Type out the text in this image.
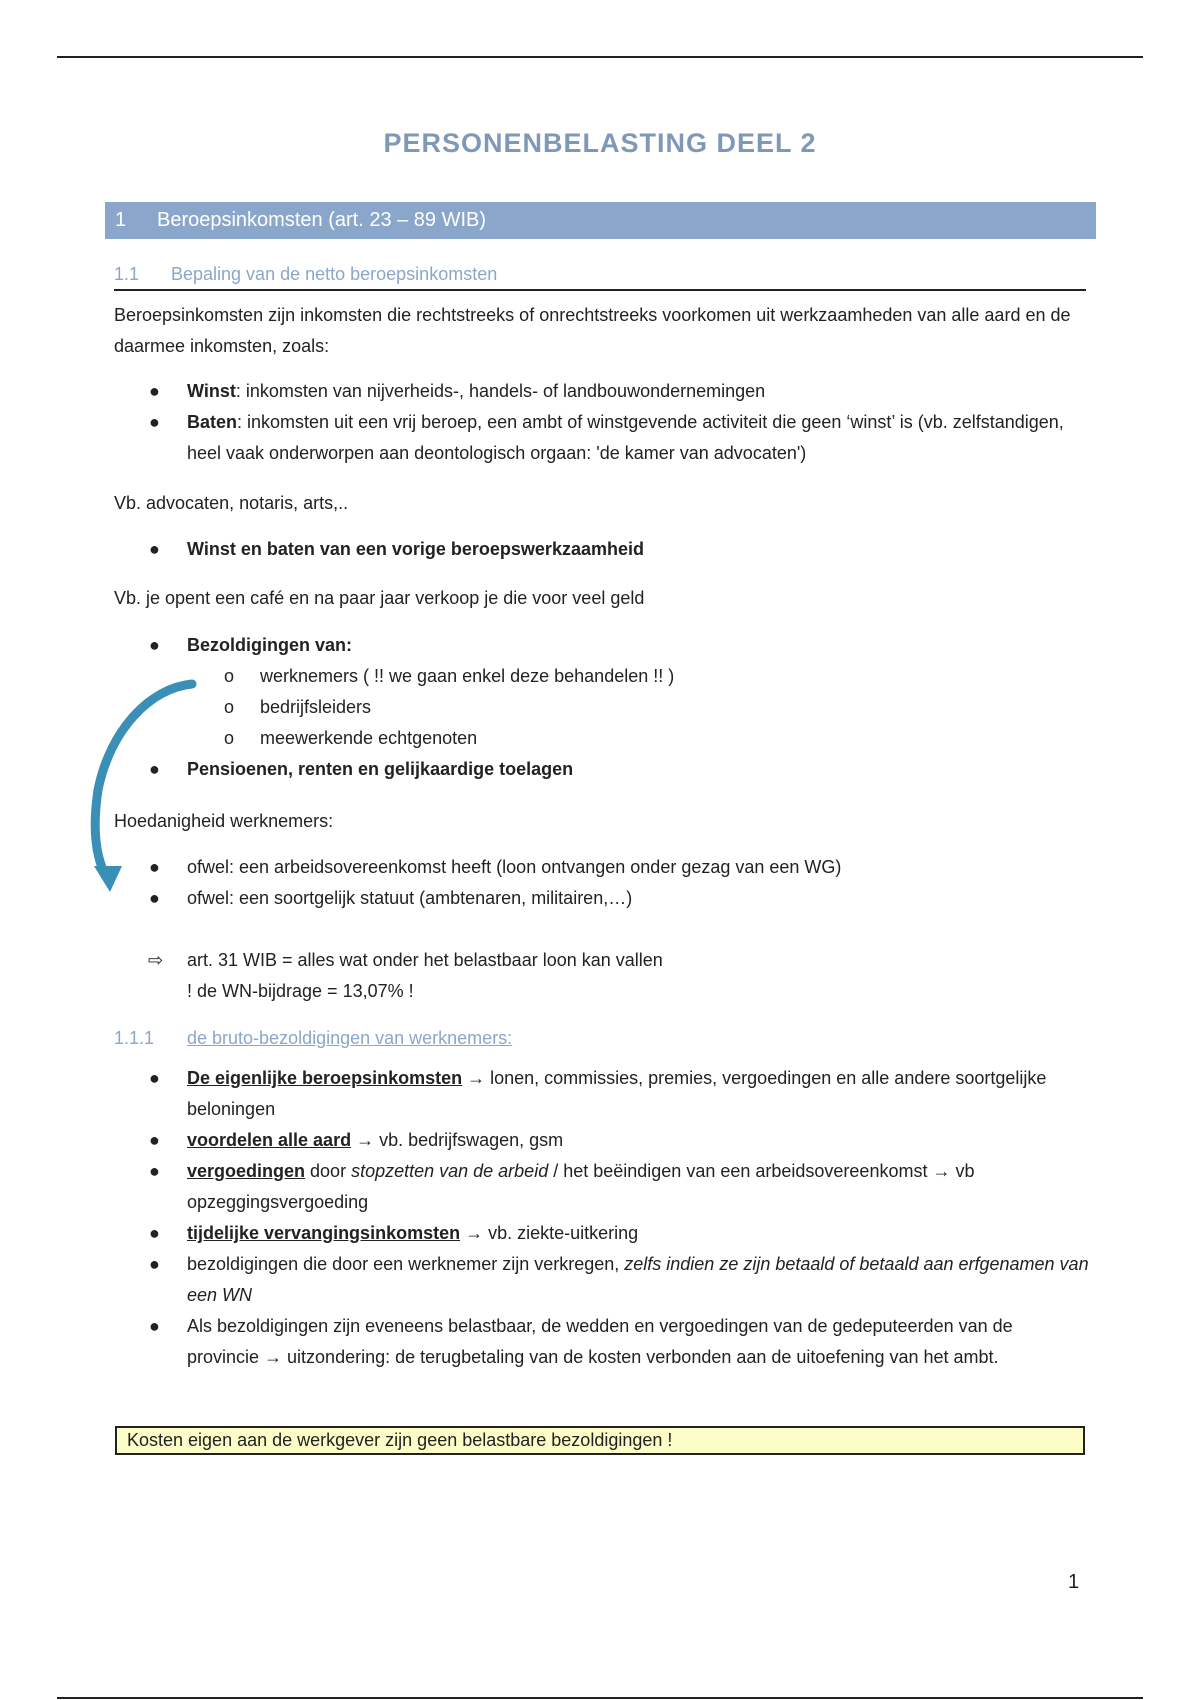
PERSONENBELASTING DEEL 2
1 Beroepsinkomsten (art. 23 – 89 WIB)
1.1 Bepaling van de netto beroepsinkomsten
Beroepsinkomsten zijn inkomsten die rechtstreeks of onrechtstreeks voorkomen uit werkzaamheden van alle aard en de daarmee inkomsten, zoals:
● Winst: inkomsten van nijverheids-, handels- of landbouwondernemingen
● Baten: inkomsten uit een vrij beroep, een ambt of winstgevende activiteit die geen ‘winst’ is (vb. zelfstandigen, heel vaak onderworpen aan deontologisch orgaan: 'de kamer van advocaten')
Vb. advocaten, notaris, arts,..
● Winst en baten van een vorige beroepswerkzaamheid
Vb. je opent een café en na paar jaar verkoop je die voor veel geld
● Bezoldigingen van:
o werknemers ( !! we gaan enkel deze behandelen !! )
o bedrijfsleiders
o meewerkende echtgenoten
● Pensioenen, renten en gelijkaardige toelagen
Hoedanigheid werknemers:
● ofwel: een arbeidsovereenkomst heeft (loon ontvangen onder gezag van een WG)
● ofwel: een soortgelijk statuut (ambtenaren, militairen,…)
⇨ art. 31 WIB = alles wat onder het belastbaar loon kan vallen
! de WN-bijdrage = 13,07% !
1.1.1 de bruto-bezoldigingen van werknemers:
● De eigenlijke beroepsinkomsten → lonen, commissies, premies, vergoedingen en alle andere soortgelijke beloningen
● voordelen alle aard → vb. bedrijfswagen, gsm
● vergoedingen door stopzetten van de arbeid / het beëindigen van een arbeidsovereenkomst → vb opzeggingsvergoeding
● tijdelijke vervangingsinkomsten → vb. ziekte-uitkering
● bezoldigingen die door een werknemer zijn verkregen, zelfs indien ze zijn betaald of betaald aan erfgenamen van een WN
● Als bezoldigingen zijn eveneens belastbaar, de wedden en vergoedingen van de gedeputeerden van de provincie → uitzondering: de terugbetaling van de kosten verbonden aan de uitoefening van het ambt.
Kosten eigen aan de werkgever zijn geen belastbare bezoldigingen !
1
